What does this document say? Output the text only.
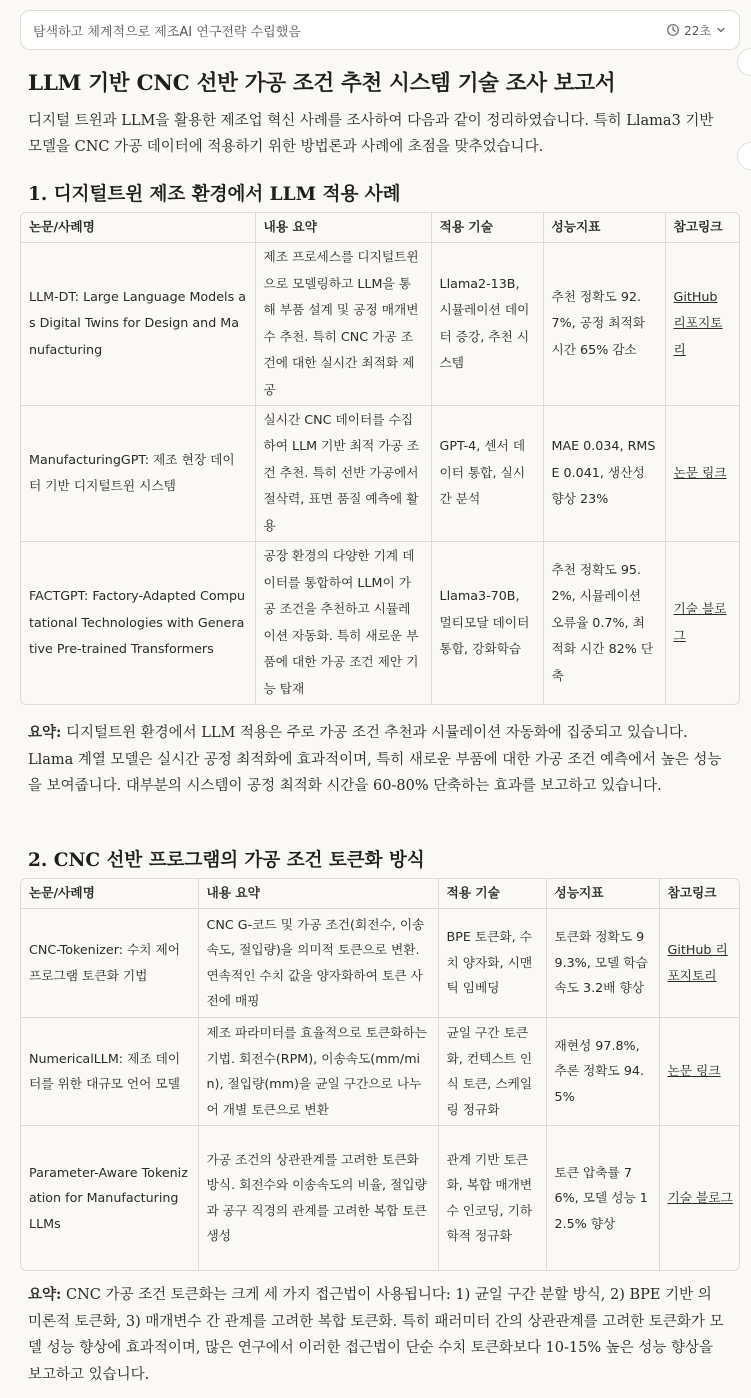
탐색하고 체계적으로 제조AI 연구전략 수립했음	22초
LLM 기반 CNC 선반 가공 조건 추천 시스템 기술 조사 보고서
디지털 트윈과 LLM을 활용한 제조업 혁신 사례를 조사하여 다음과 같이 정리하였습니다. 특히 Llama3 기반 모델을 CNC 가공 데이터에 적용하기 위한 방법론과 사례에 초점을 맞추었습니다.
1. 디지털트윈 제조 환경에서 LLM 적용 사례
논문/사례명	내용 요약	적용 기술	성능지표	참고링크
LLM-DT: Large Language Models as Digital Twins for Design and Manufacturing	제조 프로세스를 디지털트윈으로 모델링하고 LLM을 통해 부품 설계 및 공정 매개변수 추천. 특히 CNC 가공 조건에 대한 실시간 최적화 제공	Llama2-13B, 시뮬레이션 데이터 증강, 추천 시스템	추천 정확도 92.7%, 공정 최적화 시간 65% 감소	GitHub 리포지토리
ManufacturingGPT: 제조 현장 데이터 기반 디지털트윈 시스템	실시간 CNC 데이터를 수집하여 LLM 기반 최적 가공 조건 추천. 특히 선반 가공에서 절삭력, 표면 품질 예측에 활용	GPT-4, 센서 데이터 통합, 실시간 분석	MAE 0.034, RMSE 0.041, 생산성 향상 23%	논문 링크
FACTGPT: Factory-Adapted Computational Technologies with Generative Pre-trained Transformers	공장 환경의 다양한 기계 데이터를 통합하여 LLM이 가공 조건을 추천하고 시뮬레이션 자동화. 특히 새로운 부품에 대한 가공 조건 제안 기능 탑재	Llama3-70B, 멀티모달 데이터 통합, 강화학습	추천 정확도 95.2%, 시뮬레이션 오류율 0.7%, 최적화 시간 82% 단축	기술 블로그
요약: 디지털트윈 환경에서 LLM 적용은 주로 가공 조건 추천과 시뮬레이션 자동화에 집중되고 있습니다. Llama 계열 모델은 실시간 공정 최적화에 효과적이며, 특히 새로운 부품에 대한 가공 조건 예측에서 높은 성능을 보여줍니다. 대부분의 시스템이 공정 최적화 시간을 60-80% 단축하는 효과를 보고하고 있습니다.
2. CNC 선반 프로그램의 가공 조건 토큰화 방식
논문/사례명	내용 요약	적용 기술	성능지표	참고링크
CNC-Tokenizer: 수치 제어 프로그램 토큰화 기법	CNC G-코드 및 가공 조건(회전수, 이송속도, 절입량)을 의미적 토큰으로 변환. 연속적인 수치 값을 양자화하여 토큰 사전에 매핑	BPE 토큰화, 수치 양자화, 시맨틱 임베딩	토큰화 정확도 99.3%, 모델 학습 속도 3.2배 향상	GitHub 리포지토리
NumericalLLM: 제조 데이터를 위한 대규모 언어 모델	제조 파라미터를 효율적으로 토큰화하는 기법. 회전수(RPM), 이송속도(mm/min), 절입량(mm)을 균일 구간으로 나누어 개별 토큰으로 변환	균일 구간 토큰화, 컨텍스트 인식 토큰, 스케일링 정규화	재현성 97.8%, 추론 정확도 94.5%	논문 링크
Parameter-Aware Tokenization for Manufacturing LLMs	가공 조건의 상관관계를 고려한 토큰화 방식. 회전수와 이송속도의 비율, 절입량과 공구 직경의 관계를 고려한 복합 토큰 생성	관계 기반 토큰화, 복합 매개변수 인코딩, 기하학적 정규화	토큰 압축률 76%, 모델 성능 12.5% 향상	기술 블로그
요약: CNC 가공 조건 토큰화는 크게 세 가지 접근법이 사용됩니다: 1) 균일 구간 분할 방식, 2) BPE 기반 의미론적 토큰화, 3) 매개변수 간 관계를 고려한 복합 토큰화. 특히 패러미터 간의 상관관계를 고려한 토큰화가 모델 성능 향상에 효과적이며, 많은 연구에서 이러한 접근법이 단순 수치 토큰화보다 10-15% 높은 성능 향상을 보고하고 있습니다.
